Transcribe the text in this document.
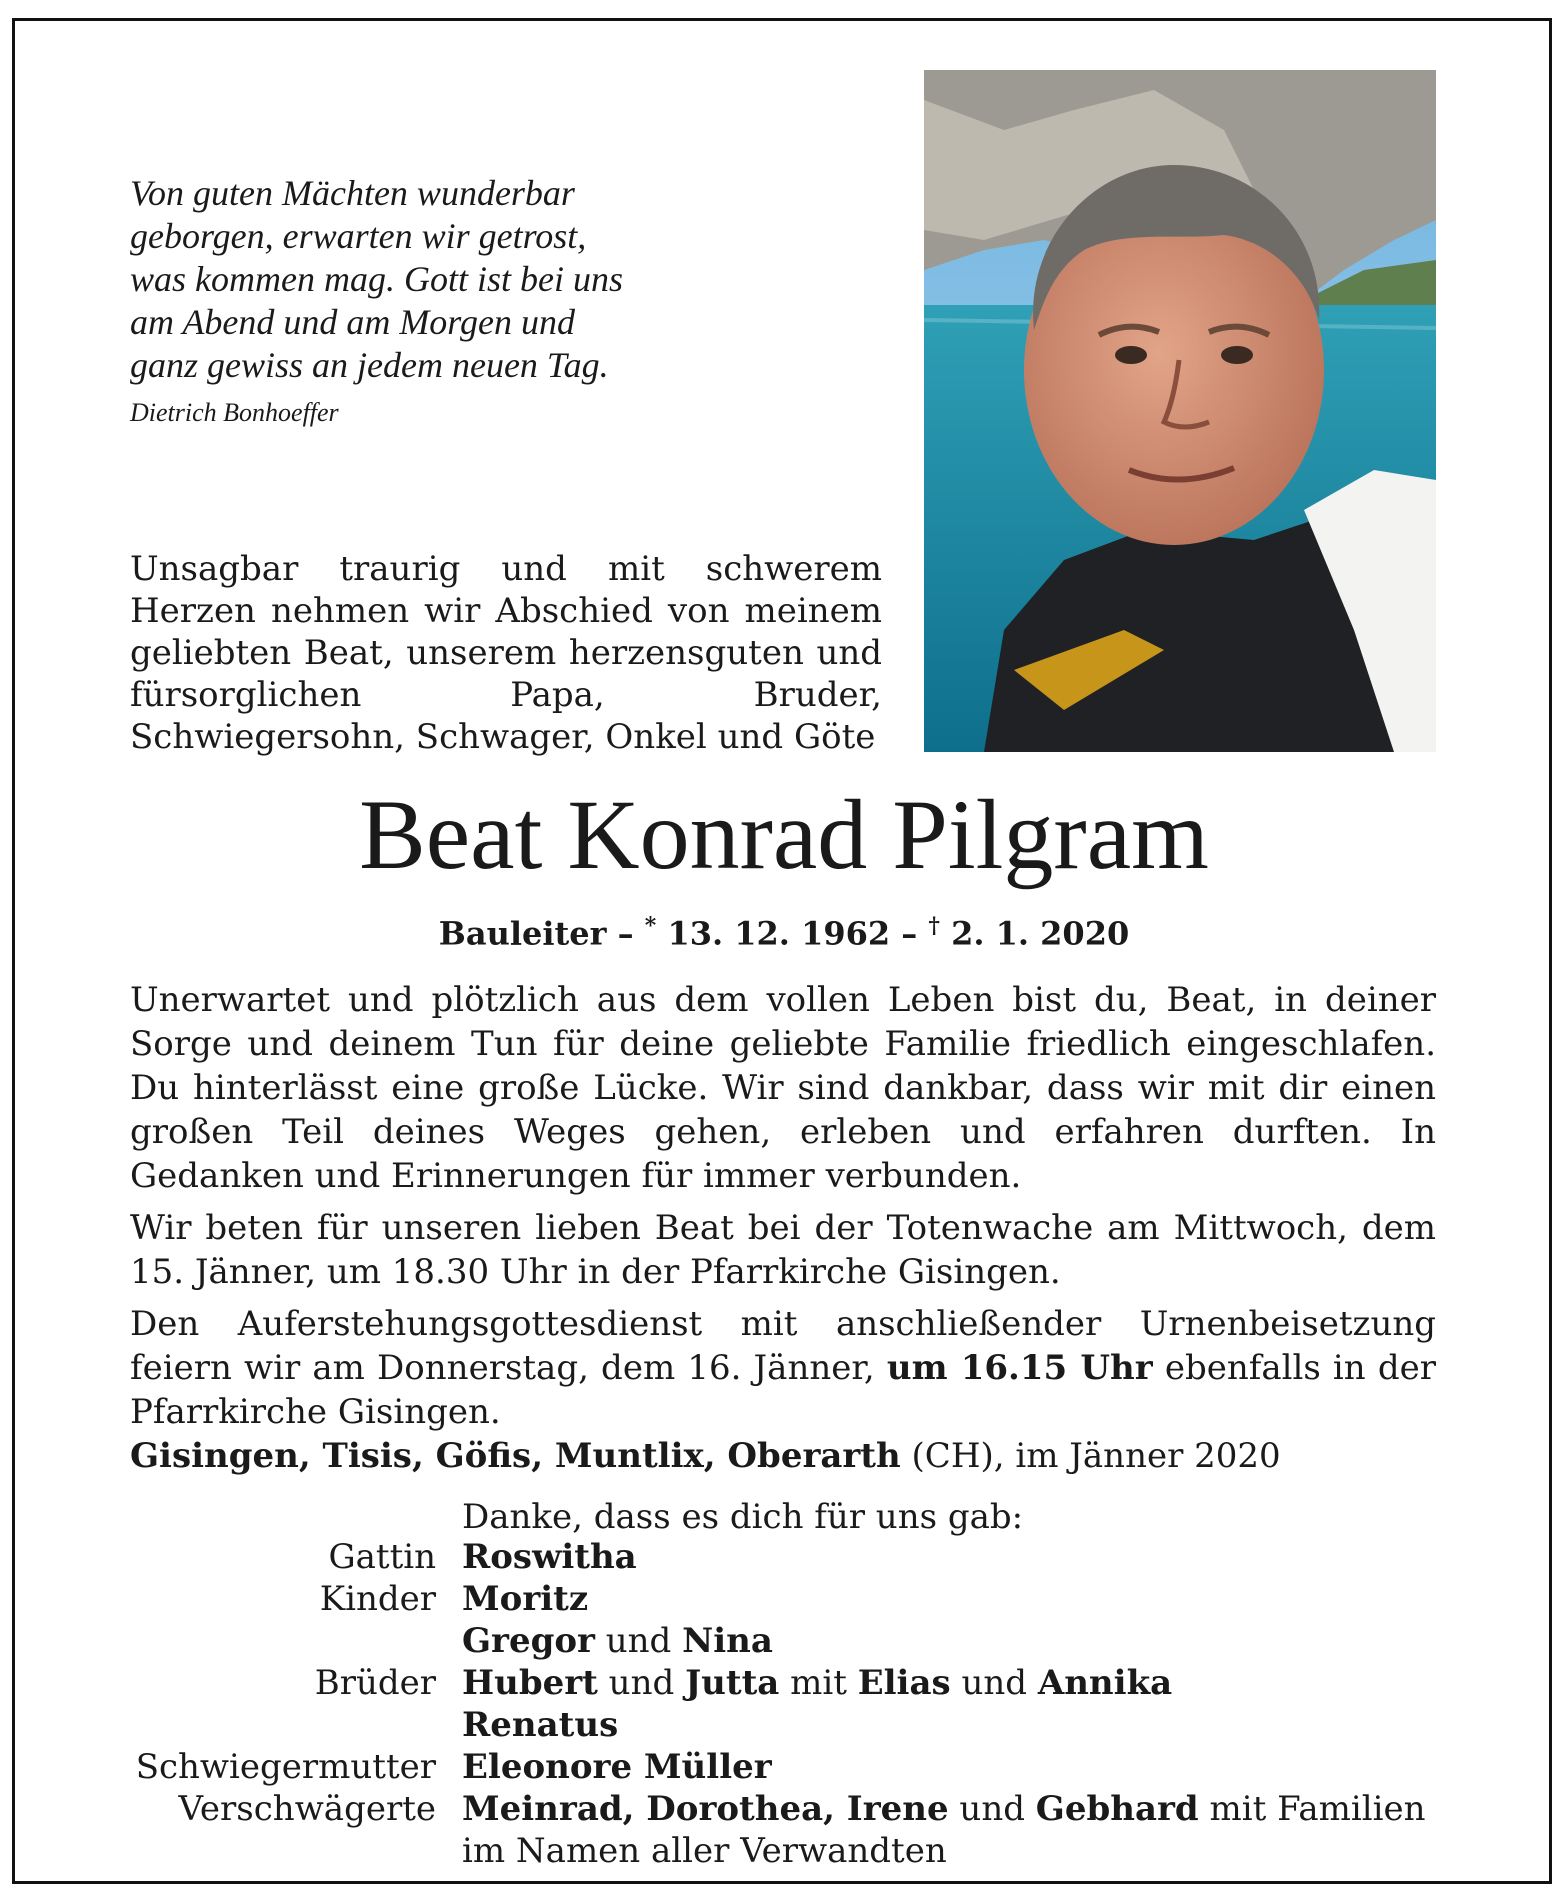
Von guten Mächten wunderbar
geborgen, erwarten wir getrost,
was kommen mag. Gott ist bei uns
am Abend und am Morgen und
ganz gewiss an jedem neuen Tag.
Dietrich Bonhoeffer

Unsagbar traurig und mit schwerem Herzen nehmen wir Abschied von meinem geliebten Beat, unserem herzensguten und fürsorglichen Papa, Bruder, Schwiegersohn, Schwager, Onkel und Göte

Beat Konrad Pilgram
Bauleiter – * 13. 12. 1962 – † 2. 1. 2020

Unerwartet und plötzlich aus dem vollen Leben bist du, Beat, in deiner Sorge und deinem Tun für deine geliebte Familie friedlich eingeschlafen. Du hinterlässt eine große Lücke. Wir sind dankbar, dass wir mit dir einen großen Teil deines Weges gehen, erleben und erfahren durften. In Gedanken und Erinnerungen für immer verbunden.

Wir beten für unseren lieben Beat bei der Totenwache am Mittwoch, dem 15. Jänner, um 18.30 Uhr in der Pfarrkirche Gisingen.

Den Auferstehungsgottesdienst mit anschließender Urnenbeisetzung feiern wir am Donnerstag, dem 16. Jänner, um 16.15 Uhr ebenfalls in der Pfarrkirche Gisingen.

Gisingen, Tisis, Göfis, Muntlix, Oberarth (CH), im Jänner 2020
Danke, dass es dich für uns gab:
Gattin Roswitha
Kinder Moritz
Gregor und Nina
Brüder Hubert und Jutta mit Elias und Annika
Renatus
Schwiegermutter Eleonore Müller
Verschwägerte Meinrad, Dorothea, Irene und Gebhard mit Familien
im Namen aller Verwandten
